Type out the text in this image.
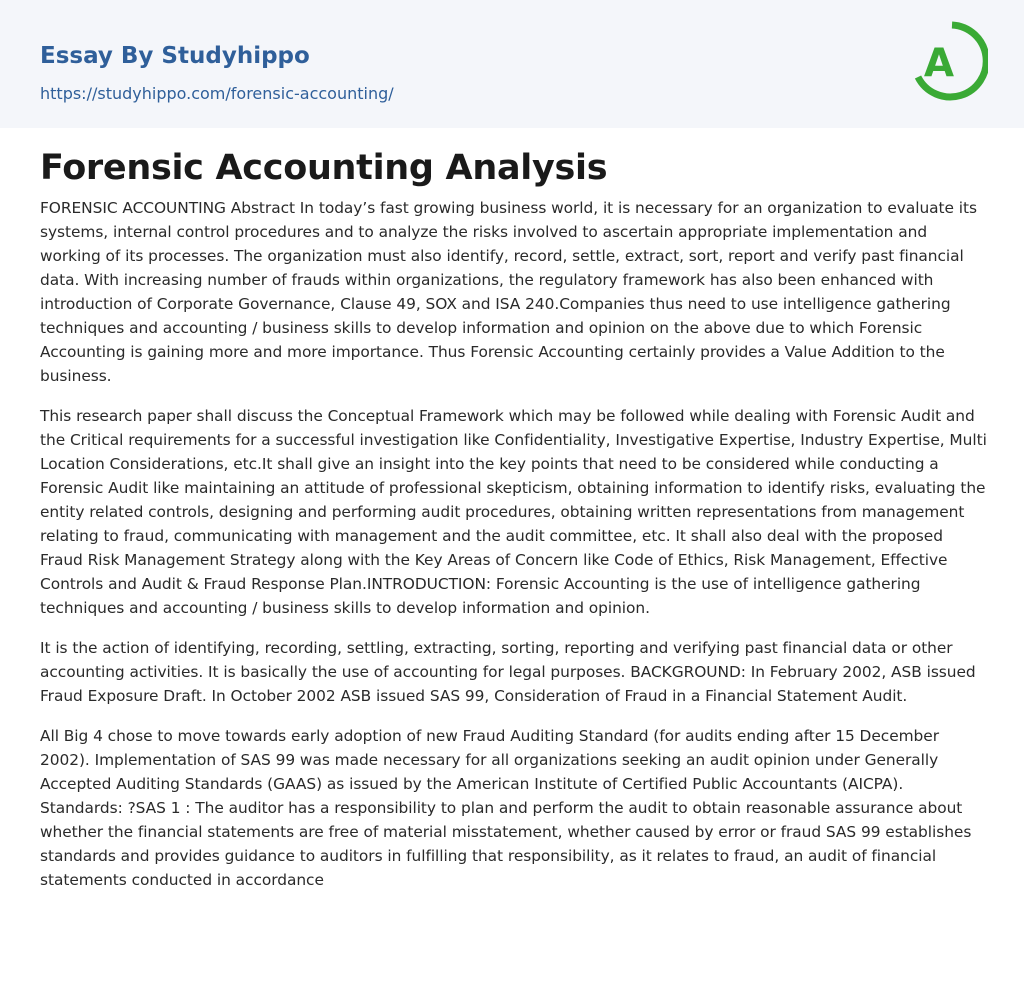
Essay By Studyhippo
https://studyhippo.com/forensic-accounting/
A
Forensic Accounting Analysis

FORENSIC ACCOUNTING Abstract In today’s fast growing business world, it is necessary for an organization to evaluate its systems, internal control procedures and to analyze the risks involved to ascertain appropriate implementation and working of its processes. The organization must also identify, record, settle, extract, sort, report and verify past financial data. With increasing number of frauds within organizations, the regulatory framework has also been enhanced with introduction of Corporate Governance, Clause 49, SOX and ISA 240.Companies thus need to use intelligence gathering techniques and accounting / business skills to develop information and opinion on the above due to which Forensic Accounting is gaining more and more importance. Thus Forensic Accounting certainly provides a Value Addition to the business.

This research paper shall discuss the Conceptual Framework which may be followed while dealing with Forensic Audit and the Critical requirements for a successful investigation like Confidentiality, Investigative Expertise, Industry Expertise, Multi Location Considerations, etc.It shall give an insight into the key points that need to be considered while conducting a Forensic Audit like maintaining an attitude of professional skepticism, obtaining information to identify risks, evaluating the entity related controls, designing and performing audit procedures, obtaining written representations from management relating to fraud, communicating with management and the audit committee, etc. It shall also deal with the proposed Fraud Risk Management Strategy along with the Key Areas of Concern like Code of Ethics, Risk Management, Effective Controls and Audit & Fraud Response Plan.INTRODUCTION: Forensic Accounting is the use of intelligence gathering techniques and accounting / business skills to develop information and opinion.

It is the action of identifying, recording, settling, extracting, sorting, reporting and verifying past financial data or other accounting activities. It is basically the use of accounting for legal purposes. BACKGROUND: In February 2002, ASB issued Fraud Exposure Draft. In October 2002 ASB issued SAS 99, Consideration of Fraud in a Financial Statement Audit.

All Big 4 chose to move towards early adoption of new Fraud Auditing Standard (for audits ending after 15 December 2002). Implementation of SAS 99 was made necessary for all organizations seeking an audit opinion under Generally Accepted Auditing Standards (GAAS) as issued by the American Institute of Certified Public Accountants (AICPA). Standards: ?SAS 1 : The auditor has a responsibility to plan and perform the audit to obtain reasonable assurance about whether the financial statements are free of material misstatement, whether caused by error or fraud SAS 99 establishes standards and provides guidance to auditors in fulfilling that responsibility, as it relates to fraud, an audit of financial statements conducted in accordance
